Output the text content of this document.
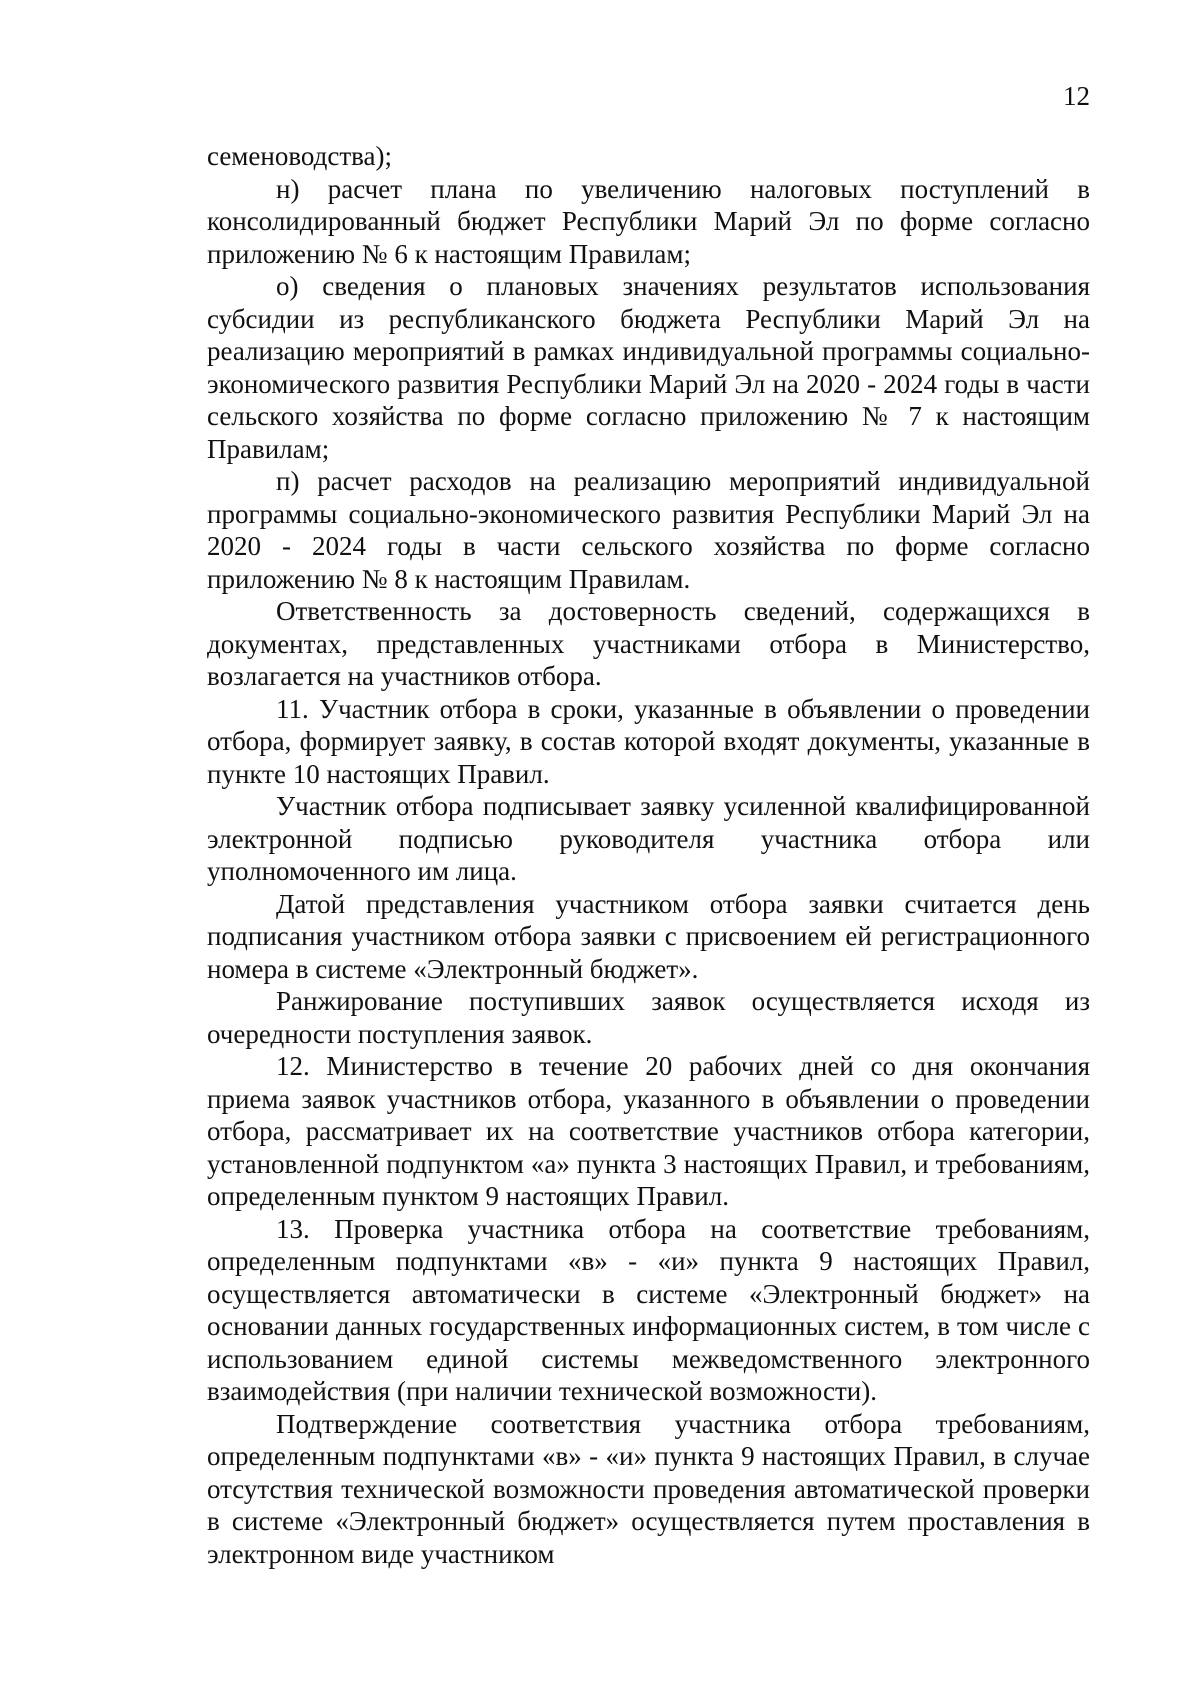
12

семеноводства);

н) расчет плана по увеличению налоговых поступлений в консолидированный бюджет Республики Марий Эл по форме согласно приложению № 6 к настоящим Правилам;

о) сведения о плановых значениях результатов использования субсидии из республиканского бюджета Республики Марий Эл на реализацию мероприятий в рамках индивидуальной программы социально-экономического развития Республики Марий Эл на 2020 - 2024 годы в части сельского хозяйства по форме согласно приложению № 7 к настоящим Правилам;

п) расчет расходов на реализацию мероприятий индивидуальной программы социально-экономического развития Республики Марий Эл на 2020 - 2024 годы в части сельского хозяйства по форме согласно приложению № 8 к настоящим Правилам.

Ответственность за достоверность сведений, содержащихся в документах, представленных участниками отбора в Министерство, возлагается на участников отбора.

11. Участник отбора в сроки, указанные в объявлении о проведении отбора, формирует заявку, в состав которой входят документы, указанные в пункте 10 настоящих Правил.

Участник отбора подписывает заявку усиленной квалифицированной электронной подписью руководителя участника отбора или уполномоченного им лица.

Датой представления участником отбора заявки считается день подписания участником отбора заявки с присвоением ей регистрационного номера в системе «Электронный бюджет».

Ранжирование поступивших заявок осуществляется исходя из очередности поступления заявок.

12. Министерство в течение 20 рабочих дней со дня окончания приема заявок участников отбора, указанного в объявлении о проведении отбора, рассматривает их на соответствие участников отбора категории, установленной подпунктом «а» пункта 3 настоящих Правил, и требованиям, определенным пунктом 9 настоящих Правил.

13. Проверка участника отбора на соответствие требованиям, определенным подпунктами «в» - «и» пункта 9 настоящих Правил, осуществляется автоматически в системе «Электронный бюджет» на основании данных государственных информационных систем, в том числе с использованием единой системы межведомственного электронного взаимодействия (при наличии технической возможности).

Подтверждение соответствия участника отбора требованиям, определенным подпунктами «в» - «и» пункта 9 настоящих Правил, в случае отсутствия технической возможности проведения автоматической проверки в системе «Электронный бюджет» осуществляется путем проставления в электронном виде участником
